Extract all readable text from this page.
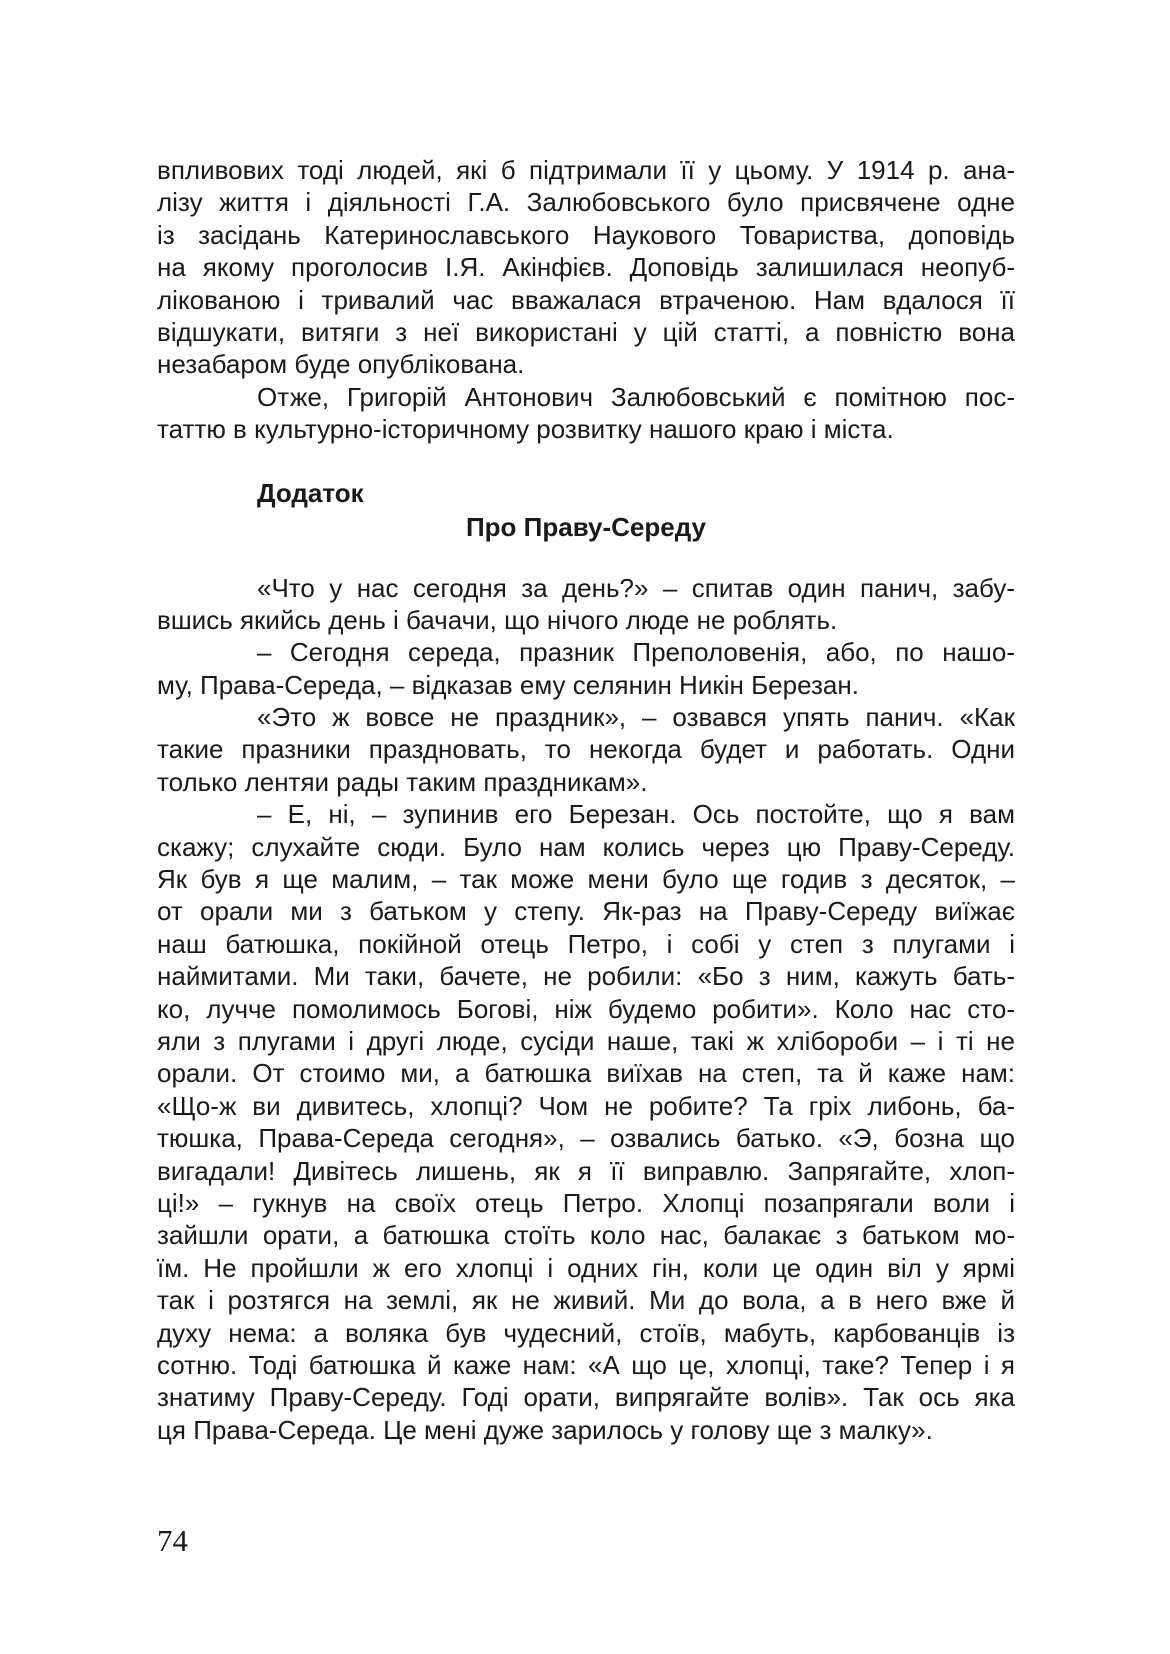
впливових тоді людей, які б підтримали її у цьому. У 1914 р. ана-
лізу життя і діяльності Г.А. Залюбовського було присвячене одне
із засідань Катеринославського Наукового Товариства, доповідь
на якому проголосив І.Я. Акінфієв. Доповідь залишилася неопуб-
лікованою і тривалий час вважалася втраченою. Нам вдалося її
відшукати, витяги з неї використані у цій статті, а повністю вона
незабаром буде опублікована.
Отже, Григорій Антонович Залюбовський є помітною пос-
таттю в культурно-історичному розвитку нашого краю і міста.
Додаток
Про Праву-Середу
«Что у нас сегодня за день?» – спитав один панич, забу-
вшись якийсь день і бачачи, що нічого люде не роблять.
– Сегодня середа, празник Преполовенія, або, по нашо-
му, Права-Середа, – відказав ему селянин Никін Березан.
«Это ж вовсе не праздник», – озвався упять панич. «Как
такие празники праздновать, то некогда будет и работать. Одни
только лентяи рады таким праздникам».
– Е, ні, – зупинив его Березан. Ось постойте, що я вам
скажу; слухайте сюди. Було нам колись через цю Праву-Середу.
Як був я ще малим, – так може мени було ще годив з десяток, –
от орали ми з батьком у степу. Як-раз на Праву-Середу виїжає
наш батюшка, покійной отець Петро, і собі у степ з плугами і
наймитами. Ми таки, бачете, не робили: «Бо з ним, кажуть бать-
ко, лучче помолимось Богові, ніж будемо робити». Коло нас сто-
яли з плугами і другі люде, сусіди наше, такі ж хлібороби – і ті не
орали. От стоимо ми, а батюшка виїхав на степ, та й каже нам:
«Що-ж ви дивитесь, хлопці? Чом не робите? Та гріх либонь, ба-
тюшка, Права-Середа сегодня», – озвались батько. «Э, бозна що
вигадали! Дивітесь лишень, як я її виправлю. Запрягайте, хлоп-
ці!» – гукнув на своїх отець Петро. Хлопці позапрягали воли і
зайшли орати, а батюшка стоїть коло нас, балакає з батьком мо-
їм. Не пройшли ж его хлопці і одних гін, коли це один віл у ярмі
так і розтягся на землі, як не живий. Ми до вола, а в него вже й
духу нема: а воляка був чудесний, стоїв, мабуть, карбованців із
сотню. Тоді батюшка й каже нам: «А що це, хлопці, таке? Тепер і я
знатиму Праву-Середу. Годі орати, випрягайте волів». Так ось яка
ця Права-Середа. Це мені дуже зарилось у голову ще з малку».
74
